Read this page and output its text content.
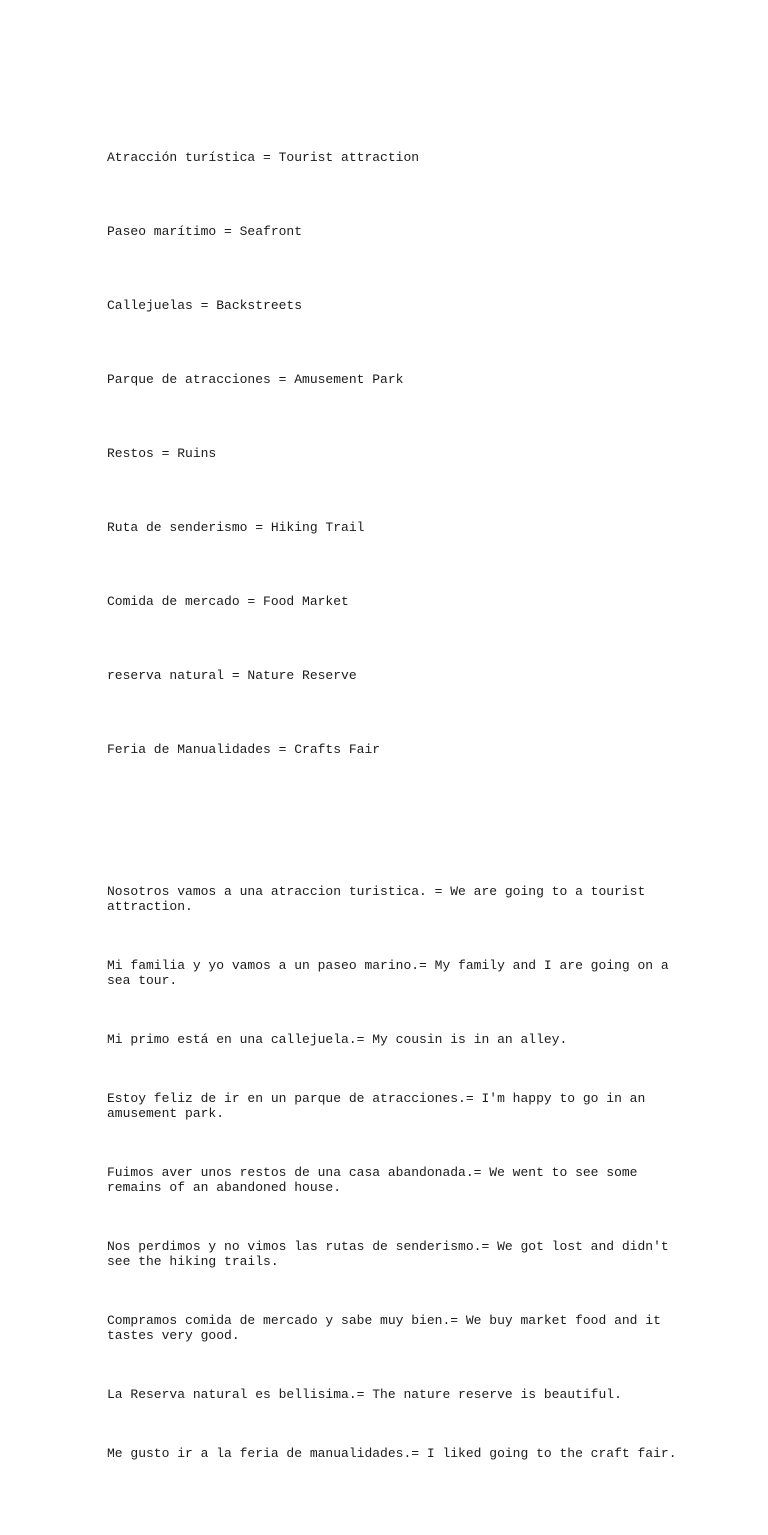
Atracción turística = Tourist attraction

Paseo marítimo = Seafront

Callejuelas = Backstreets

Parque de atracciones = Amusement Park

Restos = Ruins

Ruta de senderismo = Hiking Trail

Comida de mercado = Food Market

reserva natural = Nature Reserve

Feria de Manualidades = Crafts Fair

Nosotros vamos a una atraccion turistica. = We are going to a tourist attraction.

Mi familia y yo vamos a un paseo marino.= My family and I are going on a sea tour.

Mi primo está en una callejuela.= My cousin is in an alley.

Estoy feliz de ir en un parque de atracciones.= I'm happy to go in an amusement park.

Fuimos aver unos restos de una casa abandonada.= We went to see some remains of an abandoned house.

Nos perdimos y no vimos las rutas de senderismo.= We got lost and didn't see the hiking trails.

Compramos comida de mercado y sabe muy bien.= We buy market food and it tastes very good.

La Reserva natural es bellisima.= The nature reserve is beautiful.

Me gusto ir a la feria de manualidades.= I liked going to the craft fair.
